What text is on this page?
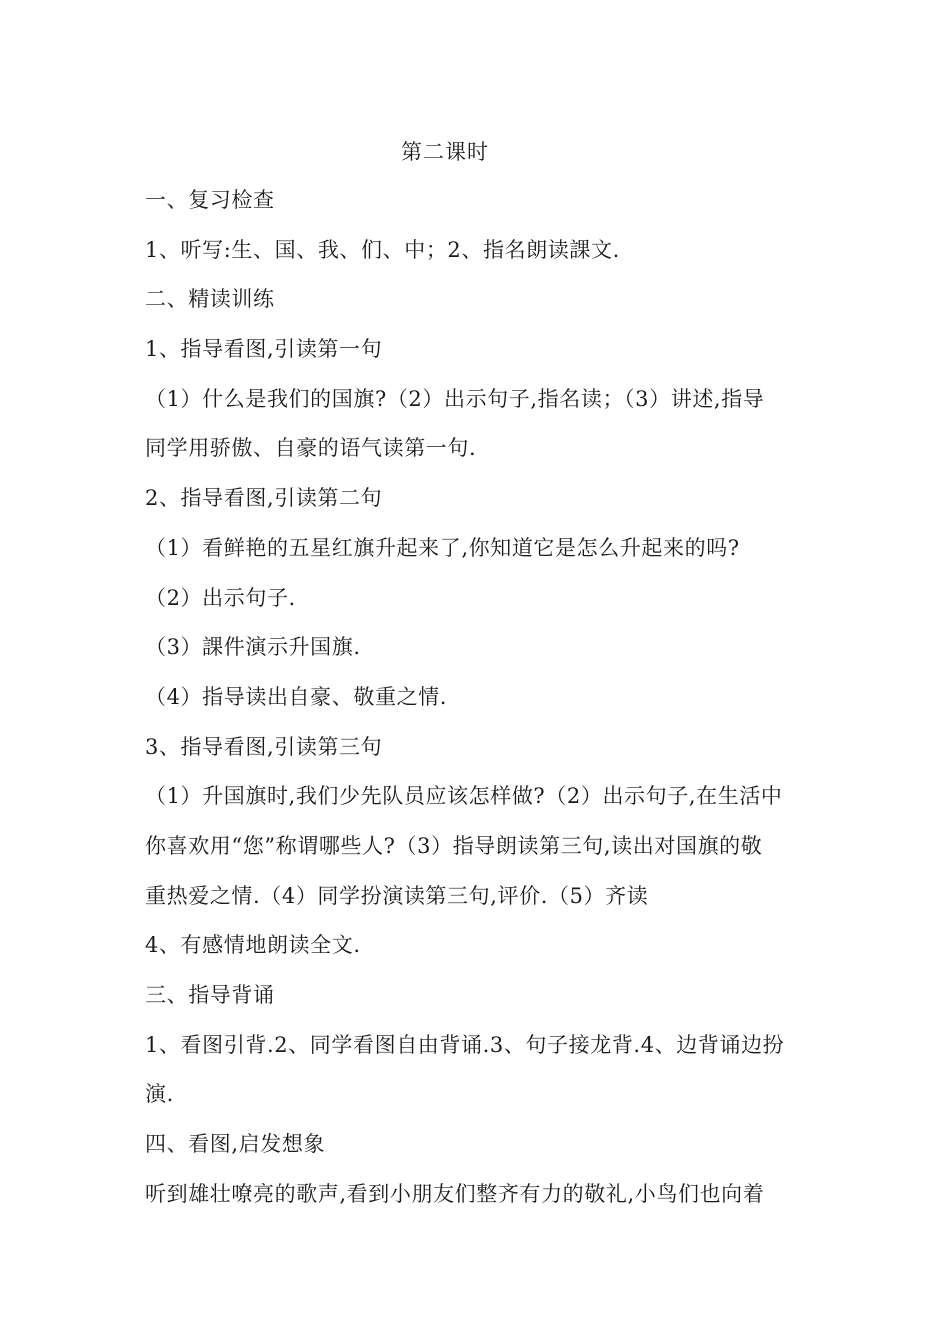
第二课时
一、复习检查
1、听写:生、国、我、们、中；2、指名朗读課文.
二、精读训练
1、指导看图,引读第一句
（1）什么是我们的国旗?（2）出示句子,指名读；（3）讲述,指导
同学用骄傲、自豪的语气读第一句.
2、指导看图,引读第二句
（1）看鲜艳的五星红旗升起来了,你知道它是怎么升起来的吗?
（2）出示句子.
（3）課件演示升国旗.
（4）指导读出自豪、敬重之情.
3、指导看图,引读第三句
（1）升国旗时,我们少先队员应该怎样做?（2）出示句子,在生活中
你喜欢用“您”称谓哪些人?（3）指导朗读第三句,读出对国旗的敬
重热爱之情.（4）同学扮演读第三句,评价.（5）齐读
4、有感情地朗读全文.
三、指导背诵
1、看图引背.2、同学看图自由背诵.3、句子接龙背.4、边背诵边扮
演.
四、看图,启发想象
听到雄壮嘹亮的歌声,看到小朋友们整齐有力的敬礼,小鸟们也向着
